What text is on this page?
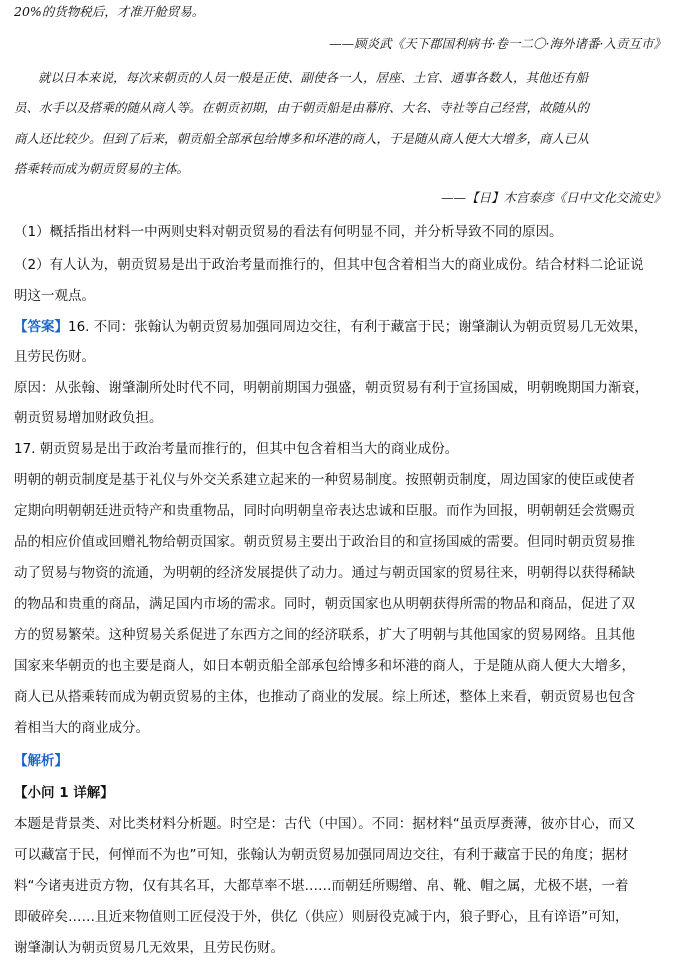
20%的货物税后，才准开舱贸易。
——顾炎武《天下郡国利病书·卷一二〇·海外诸番·入贡互市》
就以日本来说，每次来朝贡的人员一般是正使、副使各一人，居座、土官、通事各数人，其他还有船
员、水手以及搭乘的随从商人等。在朝贡初期，由于朝贡船是由幕府、大名、寺社等自己经营，故随从的
商人还比较少。但到了后来，朝贡船全部承包给博多和坏港的商人，于是随从商人便大大增多，商人已从
搭乘转而成为朝贡贸易的主体。
——【日】木宫泰彦《日中文化交流史》
（1）概括指出材料一中两则史料对朝贡贸易的看法有何明显不同，并分析导致不同的原因。
（2）有人认为，朝贡贸易是出于政治考量而推行的，但其中包含着相当大的商业成份。结合材料二论证说
明这一观点。
【答案】16. 不同：张翰认为朝贡贸易加强同周边交往，有利于藏富于民；谢肇淛认为朝贡贸易几无效果，
且劳民伤财。
原因：从张翰、谢肇淛所处时代不同，明朝前期国力强盛，朝贡贸易有利于宣扬国威，明朝晚期国力渐衰，
朝贡贸易增加财政负担。
17. 朝贡贸易是出于政治考量而推行的，但其中包含着相当大的商业成份。
明朝的朝贡制度是基于礼仪与外交关系建立起来的一种贸易制度。按照朝贡制度，周边国家的使臣或使者
定期向明朝朝廷进贡特产和贵重物品，同时向明朝皇帝表达忠诚和臣服。而作为回报，明朝朝廷会赏赐贡
品的相应价值或回赠礼物给朝贡国家。朝贡贸易主要出于政治目的和宣扬国威的需要。但同时朝贡贸易推
动了贸易与物资的流通，为明朝的经济发展提供了动力。通过与朝贡国家的贸易往来，明朝得以获得稀缺
的物品和贵重的商品，满足国内市场的需求。同时，朝贡国家也从明朝获得所需的物品和商品，促进了双
方的贸易繁荣。这种贸易关系促进了东西方之间的经济联系，扩大了明朝与其他国家的贸易网络。且其他
国家来华朝贡的也主要是商人，如日本朝贡船全部承包给博多和坏港的商人，于是随从商人便大大增多，
商人已从搭乘转而成为朝贡贸易的主体，也推动了商业的发展。综上所述，整体上来看，朝贡贸易也包含
着相当大的商业成分。
【解析】
【小问 1 详解】
本题是背景类、对比类材料分析题。时空是：古代（中国）。不同：据材料“虽贡厚赉薄，彼亦甘心，而又
可以藏富于民，何惮而不为也”可知，张翰认为朝贡贸易加强同周边交往，有利于藏富于民的角度；据材
料“今诸夷进贡方物，仅有其名耳，大都草率不堪……而朝廷所赐缯、帛、靴、帽之属，尤极不堪，一着
即破碎矣……且近来物值则工匠侵没于外，供亿（供应）则厨役克减于内，狼子野心，且有谇语”可知，
谢肇淛认为朝贡贸易几无效果，且劳民伤财。
